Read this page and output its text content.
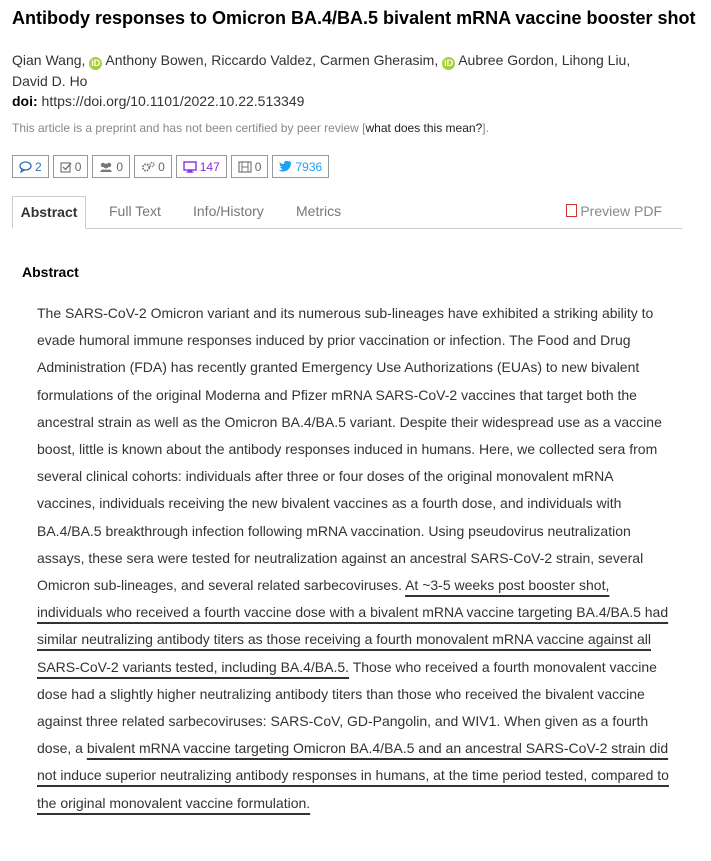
Antibody responses to Omicron BA.4/BA.5 bivalent mRNA vaccine booster shot
Qian Wang, iD Anthony Bowen, Riccardo Valdez, Carmen Gherasim, iD Aubree Gordon, Lihong Liu,
David D. Ho
doi: https://doi.org/10.1101/2022.10.22.513349
This article is a preprint and has not been certified by peer review [what does this mean?].
2	0	0	0	147	0	7936
Abstract	Full Text Info/History Metrics	Preview PDF
Abstract

The SARS-CoV-2 Omicron variant and its numerous sub-lineages have exhibited a striking ability to evade humoral immune responses induced by prior vaccination or infection. The Food and Drug Administration (FDA) has recently granted Emergency Use Authorizations (EUAs) to new bivalent formulations of the original Moderna and Pfizer mRNA SARS-CoV-2 vaccines that target both the ancestral strain as well as the Omicron BA.4/BA.5 variant. Despite their widespread use as a vaccine boost, little is known about the antibody responses induced in humans. Here, we collected sera from several clinical cohorts: individuals after three or four doses of the original monovalent mRNA vaccines, individuals receiving the new bivalent vaccines as a fourth dose, and individuals with BA.4/BA.5 breakthrough infection following mRNA vaccination. Using pseudovirus neutralization assays, these sera were tested for neutralization against an ancestral SARS-CoV-2 strain, several Omicron sub-lineages, and several related sarbecoviruses. At ~3-5 weeks post booster shot, individuals who received a fourth vaccine dose with a bivalent mRNA vaccine targeting BA.4/BA.5 had similar neutralizing antibody titers as those receiving a fourth monovalent mRNA vaccine against all SARS-CoV-2 variants tested, including BA.4/BA.5. Those who received a fourth monovalent vaccine dose had a slightly higher neutralizing antibody titers than those who received the bivalent vaccine against three related sarbecoviruses: SARS-CoV, GD-Pangolin, and WIV1. When given as a fourth dose, a bivalent mRNA vaccine targeting Omicron BA.4/BA.5 and an ancestral SARS-CoV-2 strain did not induce superior neutralizing antibody responses in humans, at the time period tested, compared to the original monovalent vaccine formulation.
